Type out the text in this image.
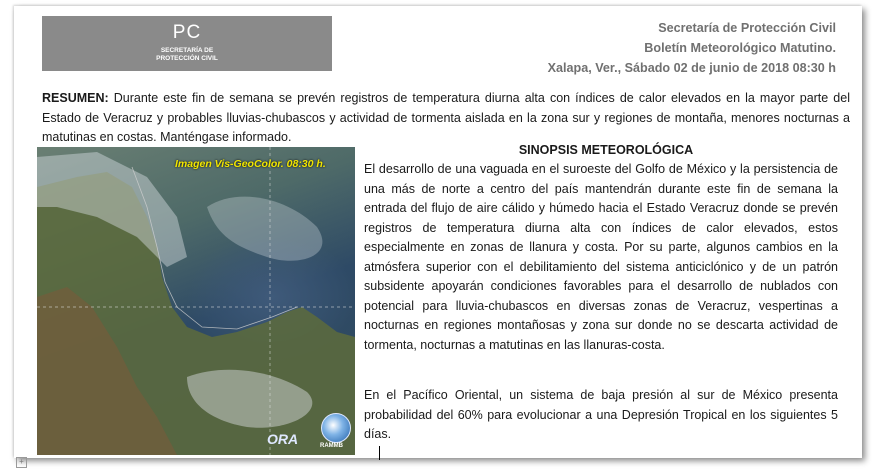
PC
SECRETARÍA DE
PROTECCIÓN CIVIL
Secretaría de Protección Civil
Boletín Meteorológico Matutino.
Xalapa, Ver., Sábado 02 de junio de 2018 08:30 h
RESUMEN: Durante este fin de semana se prevén registros de temperatura diurna alta con índices de calor elevados en la mayor parte del Estado de Veracruz y probables lluvias-chubascos y actividad de tormenta aislada en la zona sur y regiones de montaña, menores nocturnas a matutinas en costas. Manténgase informado.
Imagen Vis-GeoColor. 08:30 h.
ORA	RAMMB
SINOPSIS METEOROLÓGICA
El desarrollo de una vaguada en el suroeste del Golfo de México y la persistencia de una más de norte a centro del país mantendrán durante este fin de semana la entrada del flujo de aire cálido y húmedo hacia el Estado Veracruz donde se prevén registros de temperatura diurna alta con índices de calor elevados, estos especialmente en zonas de llanura y costa. Por su parte, algunos cambios en la atmósfera superior con el debilitamiento del sistema anticiclónico y de un patrón subsidente apoyarán condiciones favorables para el desarrollo de nublados con potencial para lluvia-chubascos en diversas zonas de Veracruz, vespertinas a nocturnas en regiones montañosas y zona sur donde no se descarta actividad de tormenta, nocturnas a matutinas en las llanuras-costa.
En el Pacífico Oriental, un sistema de baja presión al sur de México presenta probabilidad del 60% para evolucionar a una Depresión Tropical en los siguientes 5 días.
+
